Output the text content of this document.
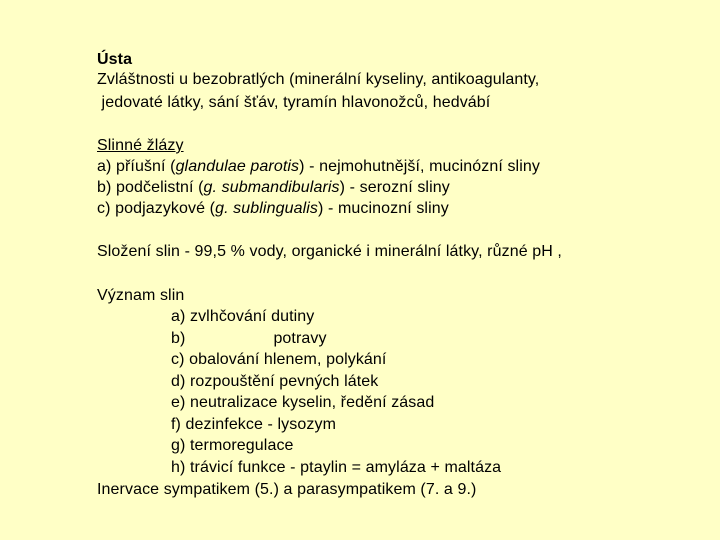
Ústa
Zvláštnosti u bezobratlých (minerální kyseliny, antikoagulanty,
jedovaté látky, sání šťáv, tyramín hlavonožců, hedvábí
Slinné žlázy
a) příušní (glandulae parotis) - nejmohutnější, mucinózní sliny
b) podčelistní (g. submandibularis) - serozní sliny
c) podjazykové (g. sublingualis) - mucinozní sliny
Složení slin - 99,5 % vody, organické i minerální látky, různé pH ,
Význam slin
a) zvlhčování dutiny
b)	potravy
c) obalování hlenem, polykání
d) rozpouštění pevných látek
e) neutralizace kyselin, ředění zásad
f) dezinfekce - lysozym
g) termoregulace
h) trávicí funkce - ptaylin = amyláza + maltáza
Inervace sympatikem (5.) a parasympatikem (7. a 9.)
